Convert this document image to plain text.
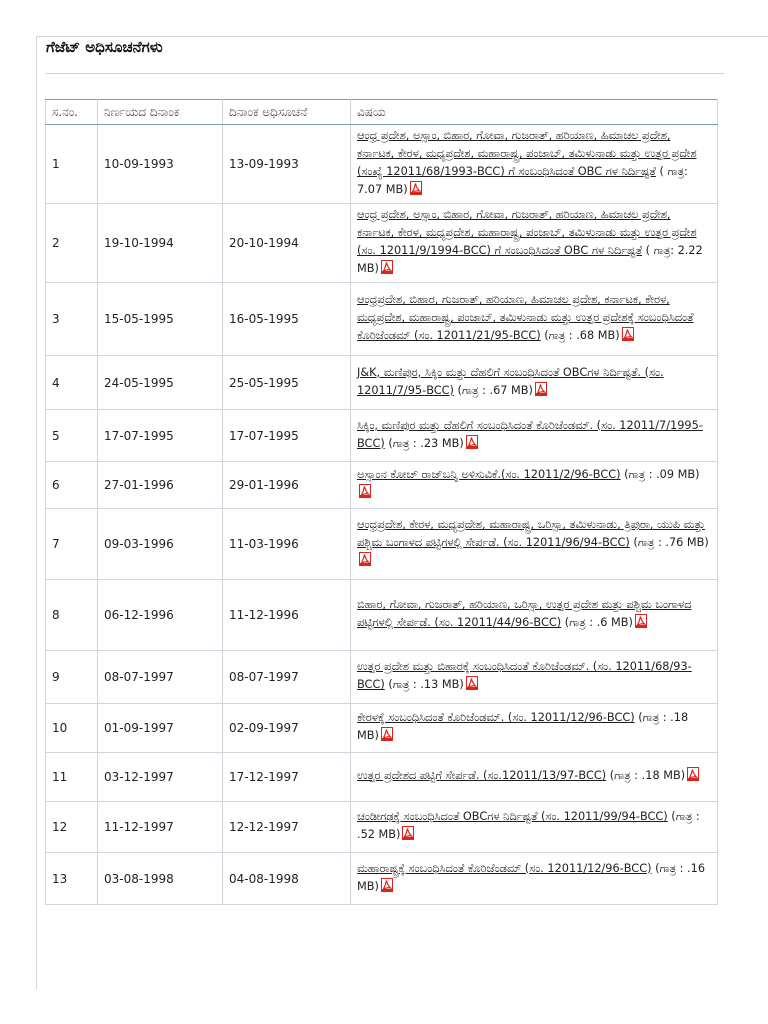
ಗೆಜೆಟ್ ಅಧಿಸೂಚನೆಗಳು
ಸ.ನಂ.	ನಿರ್ಣಯದ ದಿನಾಂಕ	ದಿನಾಂಕ ಅಧಿಸೂಚನೆ	ವಿಷಯ
1	10-09-1993	13-09-1993	ಆಂಧ್ರ ಪ್ರದೇಶ, ಅಸ್ಸಾಂ, ಬಿಹಾರ, ಗೋವಾ, ಗುಜರಾತ್, ಹರಿಯಾಣ, ಹಿಮಾಚಲ ಪ್ರದೇಶ, ಕರ್ನಾಟಕ, ಕೇರಳ, ಮಧ್ಯಪ್ರದೇಶ, ಮಹಾರಾಷ್ಟ್ರ, ಪಂಜಾಬ್, ತಮಿಳುನಾಡು ಮತ್ತು ಉತ್ತರ ಪ್ರದೇಶ (ಸಂಖ್ಯೆ 12011/68/1993-BCC) ಗೆ ಸಂಬಂಧಿಸಿದಂತೆ OBC ಗಳ ನಿರ್ದಿಷ್ಟತೆ ( ಗಾತ್ರ: 7.07 MB)
2	19-10-1994	20-10-1994	ಆಂಧ್ರ ಪ್ರದೇಶ, ಅಸ್ಸಾಂ, ಬಿಹಾರ, ಗೋವಾ, ಗುಜರಾತ್, ಹರಿಯಾಣ, ಹಿಮಾಚಲ ಪ್ರದೇಶ, ಕರ್ನಾಟಕ, ಕೇರಳ, ಮಧ್ಯಪ್ರದೇಶ, ಮಹಾರಾಷ್ಟ್ರ, ಪಂಜಾಬ್, ತಮಿಳುನಾಡು ಮತ್ತು ಉತ್ತರ ಪ್ರದೇಶ (ಸಂ. 12011/9/1994-BCC) ಗೆ ಸಂಬಂಧಿಸಿದಂತೆ OBC ಗಳ ನಿರ್ದಿಷ್ಟತೆ ( ಗಾತ್ರ: 2.22 MB)
3	15-05-1995	16-05-1995	ಆಂಧ್ರಪ್ರದೇಶ, ಬಿಹಾರ, ಗುಜರಾತ್, ಹರಿಯಾಣ, ಹಿಮಾಚಲ ಪ್ರದೇಶ, ಕರ್ನಾಟಕ, ಕೇರಳ, ಮಧ್ಯಪ್ರದೇಶ, ಮಹಾರಾಷ್ಟ್ರ, ಪಂಜಾಬ್, ತಮಿಳುನಾಡು ಮತ್ತು ಉತ್ತರ ಪ್ರದೇಶಕ್ಕೆ ಸಂಬಂಧಿಸಿದಂತೆ ಕೊರಿಜೆಂಡಮ್ (ಸಂ. 12011/21/95-BCC) (ಗಾತ್ರ : .68 MB)
4	24-05-1995	25-05-1995	J&K, ಮಣಿಪುರ, ಸಿಕ್ಕಿಂ ಮತ್ತು ದೆಹಲಿಗೆ ಸಂಬಂಧಿಸಿದಂತೆ OBCಗಳ ನಿರ್ದಿಷ್ಟತೆ. (ಸಂ. 12011/7/95-BCC) (ಗಾತ್ರ : .67 MB)
5	17-07-1995	17-07-1995	ಸಿಕ್ಕಿಂ, ಮಣಿಪುರ ಮತ್ತು ದೆಹಲಿಗೆ ಸಂಬಂಧಿಸಿದಂತೆ ಕೊರಿಜೆಂಡಮ್. (ಸಂ. 12011/7/1995-BCC) (ಗಾತ್ರ : .23 MB)
6	27-01-1996	29-01-1996	ಅಸ್ಸಾಂನ ಕೋಚ್ ರಾಜ್‌ಬನ್ಶಿ ಅಳಿಸುವಿಕೆ.(ಸಂ. 12011/2/96-BCC) (ಗಾತ್ರ : .09 MB)
7	09-03-1996	11-03-1996	ಆಂಧ್ರಪ್ರದೇಶ, ಕೇರಳ, ಮಧ್ಯಪ್ರದೇಶ, ಮಹಾರಾಷ್ಟ್ರ, ಒರಿಸ್ಸಾ, ತಮಿಳುನಾಡು, ತ್ರಿಪುರಾ, ಯುಪಿ ಮತ್ತು ಪಶ್ಚಿಮ ಬಂಗಾಳದ ಪಟ್ಟಿಗಳಲ್ಲಿ ಸೇರ್ಪಡೆ. (ಸಂ. 12011/96/94-BCC) (ಗಾತ್ರ : .76 MB)
8	06-12-1996	11-12-1996	ಬಿಹಾರ, ಗೋವಾ, ಗುಜರಾತ್, ಹರಿಯಾಣ, ಒರಿಸ್ಸಾ, ಉತ್ತರ ಪ್ರದೇಶ ಮತ್ತು ಪಶ್ಚಿಮ ಬಂಗಾಳದ ಪಟ್ಟಿಗಳಲ್ಲಿ ಸೇರ್ಪಡೆ. (ಸಂ. 12011/44/96-BCC) (ಗಾತ್ರ : .6 MB)
9	08-07-1997	08-07-1997	ಉತ್ತರ ಪ್ರದೇಶ ಮತ್ತು ಬಿಹಾರಕ್ಕೆ ಸಂಬಂಧಿಸಿದಂತೆ ಕೊರಿಜೆಂಡಮ್. (ಸಂ. 12011/68/93-BCC) (ಗಾತ್ರ : .13 MB)
10	01-09-1997	02-09-1997	ಕೇರಳಕ್ಕೆ ಸಂಬಂಧಿಸಿದಂತೆ ಕೊರಿಜೆಂಡಮ್. (ಸಂ. 12011/12/96-BCC) (ಗಾತ್ರ : .18 MB)
11	03-12-1997	17-12-1997	ಉತ್ತರ ಪ್ರದೇಶದ ಪಟ್ಟಿಗೆ ಸೇರ್ಪಡೆ. (ಸಂ.12011/13/97-BCC) (ಗಾತ್ರ : .18 MB)
12	11-12-1997	12-12-1997	ಚಂಡೀಗಢಕ್ಕೆ ಸಂಬಂಧಿಸಿದಂತೆ OBCಗಳ ನಿರ್ದಿಷ್ಟತೆ (ಸಂ. 12011/99/94-BCC) (ಗಾತ್ರ : .52 MB)
13	03-08-1998	04-08-1998	ಮಹಾರಾಷ್ಟ್ರಕ್ಕೆ ಸಂಬಂಧಿಸಿದಂತೆ ಕೊರಿಜೆಂಡಮ್ (ಸಂ. 12011/12/96-BCC) (ಗಾತ್ರ : .16 MB)
